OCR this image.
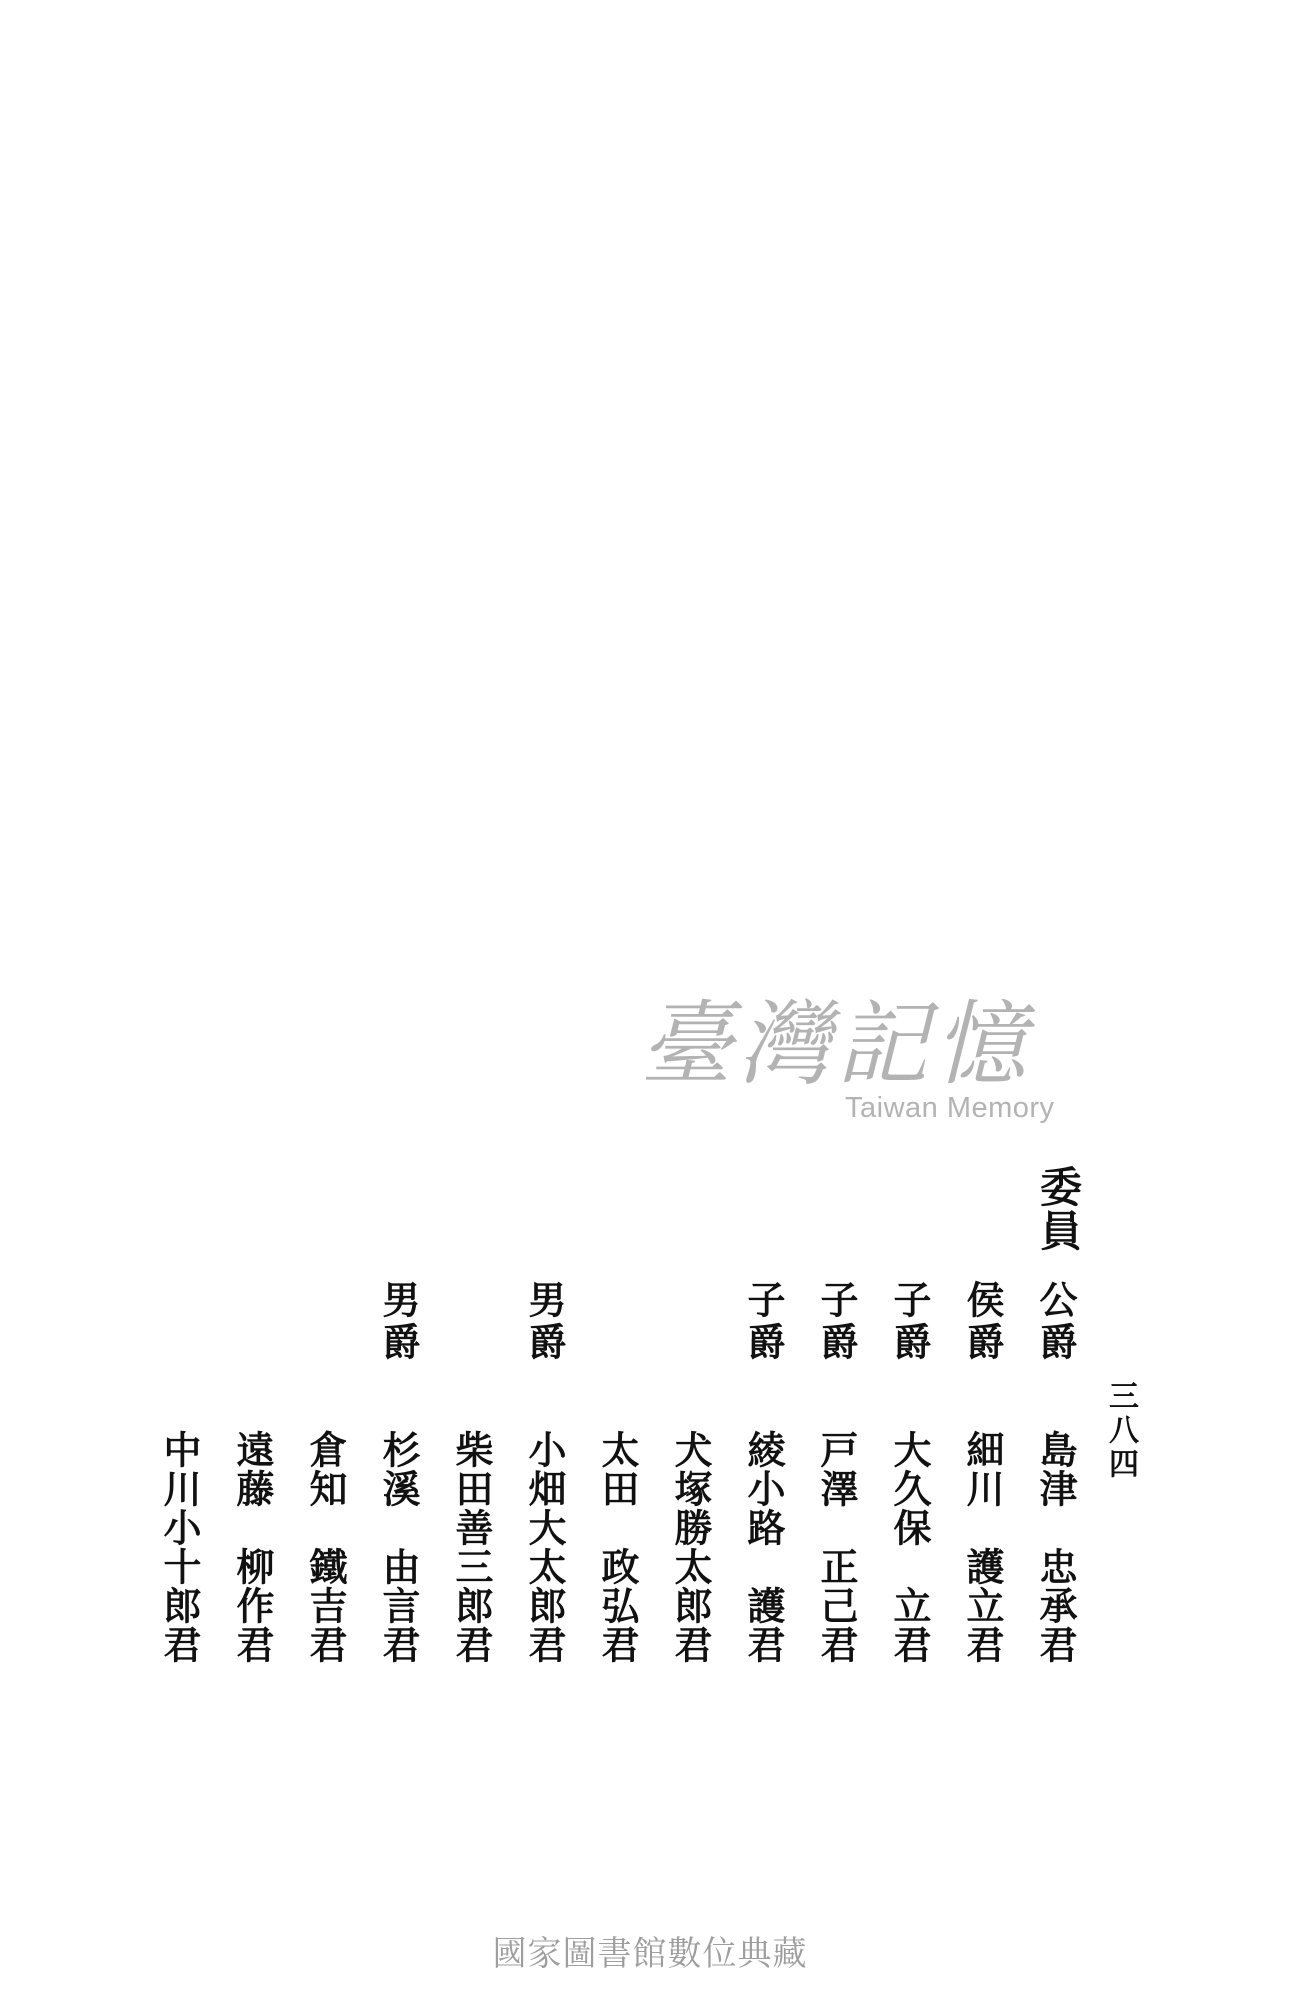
委員
三八四
公爵
島津　忠承君
侯爵
細川　護立君
子爵
大久保　立君
子爵
戸澤　正己君
子爵
綾小路　護君
犬塚勝太郎君
太田　政弘君
男爵
小畑大太郎君
柴田善三郎君
男爵
杉溪　由言君
倉知　鐵吉君
遠藤　柳作君
中川小十郎君
臺灣記憶
Taiwan Memory
國家圖書館數位典藏
